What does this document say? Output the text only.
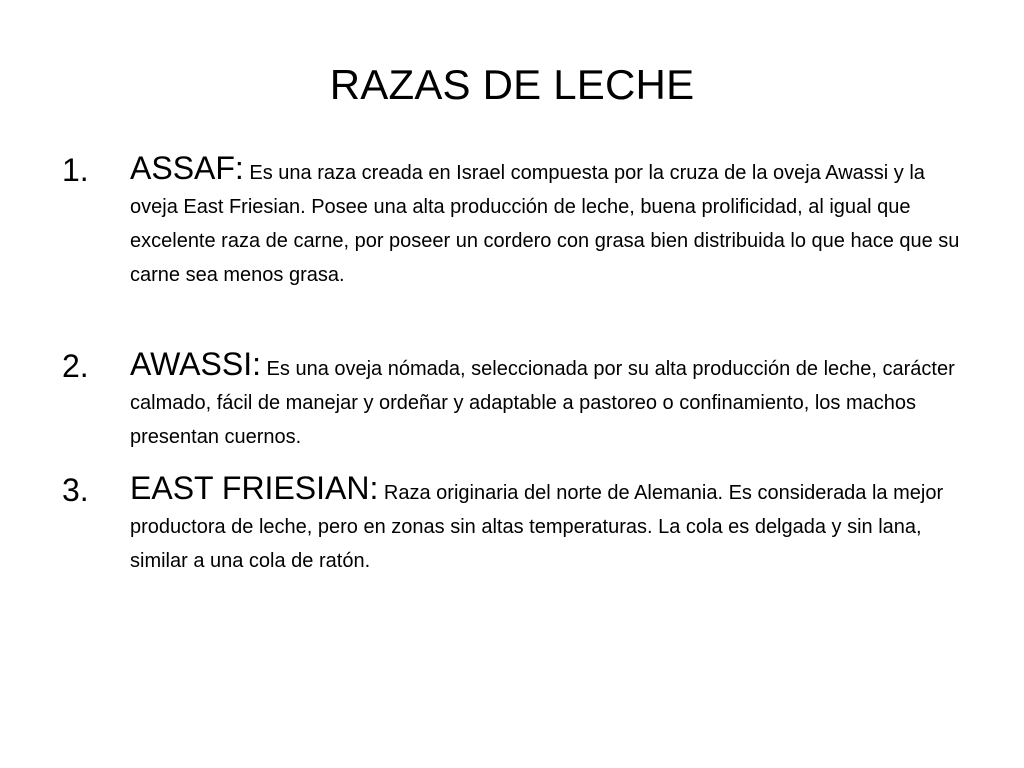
RAZAS DE LECHE
1. ASSAF: Es una raza creada en Israel compuesta por la cruza de la oveja Awassi y la oveja East Friesian. Posee una alta producción de leche, buena prolificidad, al igual que excelente raza de carne, por poseer un cordero con grasa bien distribuida lo que hace que su carne sea menos grasa.
2. AWASSI: Es una oveja nómada, seleccionada por su alta producción de leche, carácter calmado, fácil de manejar y ordeñar y adaptable a pastoreo o confinamiento, los machos presentan cuernos.
3. EAST FRIESIAN: Raza originaria del norte de Alemania. Es considerada la mejor productora de leche, pero en zonas sin altas temperaturas. La cola es delgada y sin lana, similar a una cola de ratón.
